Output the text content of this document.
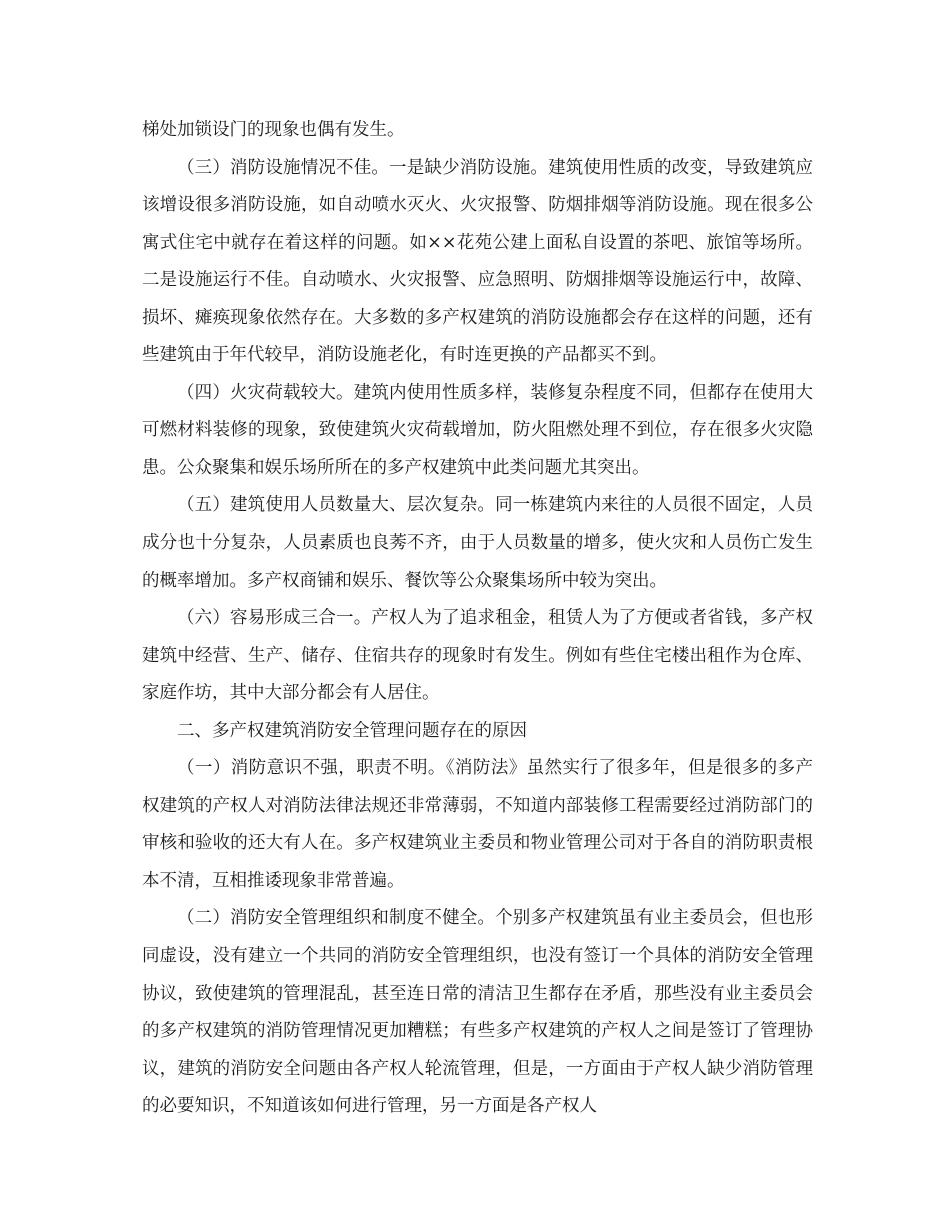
梯处加锁设门的现象也偶有发生。

（三）消防设施情况不佳。一是缺少消防设施。建筑使用性质的改变，导致建筑应该增设很多消防设施，如自动喷水灭火、火灾报警、防烟排烟等消防设施。现在很多公寓式住宅中就存在着这样的问题。如××花苑公建上面私自设置的茶吧、旅馆等场所。二是设施运行不佳。自动喷水、火灾报警、应急照明、防烟排烟等设施运行中，故障、损坏、瘫痪现象依然存在。大多数的多产权建筑的消防设施都会存在这样的问题，还有些建筑由于年代较早，消防设施老化，有时连更换的产品都买不到。

（四）火灾荷载较大。建筑内使用性质多样，装修复杂程度不同，但都存在使用大可燃材料装修的现象，致使建筑火灾荷载增加，防火阻燃处理不到位，存在很多火灾隐患。公众聚集和娱乐场所所在的多产权建筑中此类问题尤其突出。

（五）建筑使用人员数量大、层次复杂。同一栋建筑内来往的人员很不固定，人员成分也十分复杂，人员素质也良莠不齐，由于人员数量的增多，使火灾和人员伤亡发生的概率增加。多产权商铺和娱乐、餐饮等公众聚集场所中较为突出。

（六）容易形成三合一。产权人为了追求租金，租赁人为了方便或者省钱，多产权建筑中经营、生产、储存、住宿共存的现象时有发生。例如有些住宅楼出租作为仓库、家庭作坊，其中大部分都会有人居住。

二、多产权建筑消防安全管理问题存在的原因

（一）消防意识不强，职责不明。《消防法》虽然实行了很多年，但是很多的多产权建筑的产权人对消防法律法规还非常薄弱，不知道内部装修工程需要经过消防部门的审核和验收的还大有人在。多产权建筑业主委员和物业管理公司对于各自的消防职责根本不清，互相推诿现象非常普遍。

（二）消防安全管理组织和制度不健全。个别多产权建筑虽有业主委员会，但也形同虚设，没有建立一个共同的消防安全管理组织，也没有签订一个具体的消防安全管理协议，致使建筑的管理混乱，甚至连日常的清洁卫生都存在矛盾，那些没有业主委员会的多产权建筑的消防管理情况更加糟糕；有些多产权建筑的产权人之间是签订了管理协议，建筑的消防安全问题由各产权人轮流管理，但是，一方面由于产权人缺少消防管理的必要知识，不知道该如何进行管理，另一方面是各产权人
